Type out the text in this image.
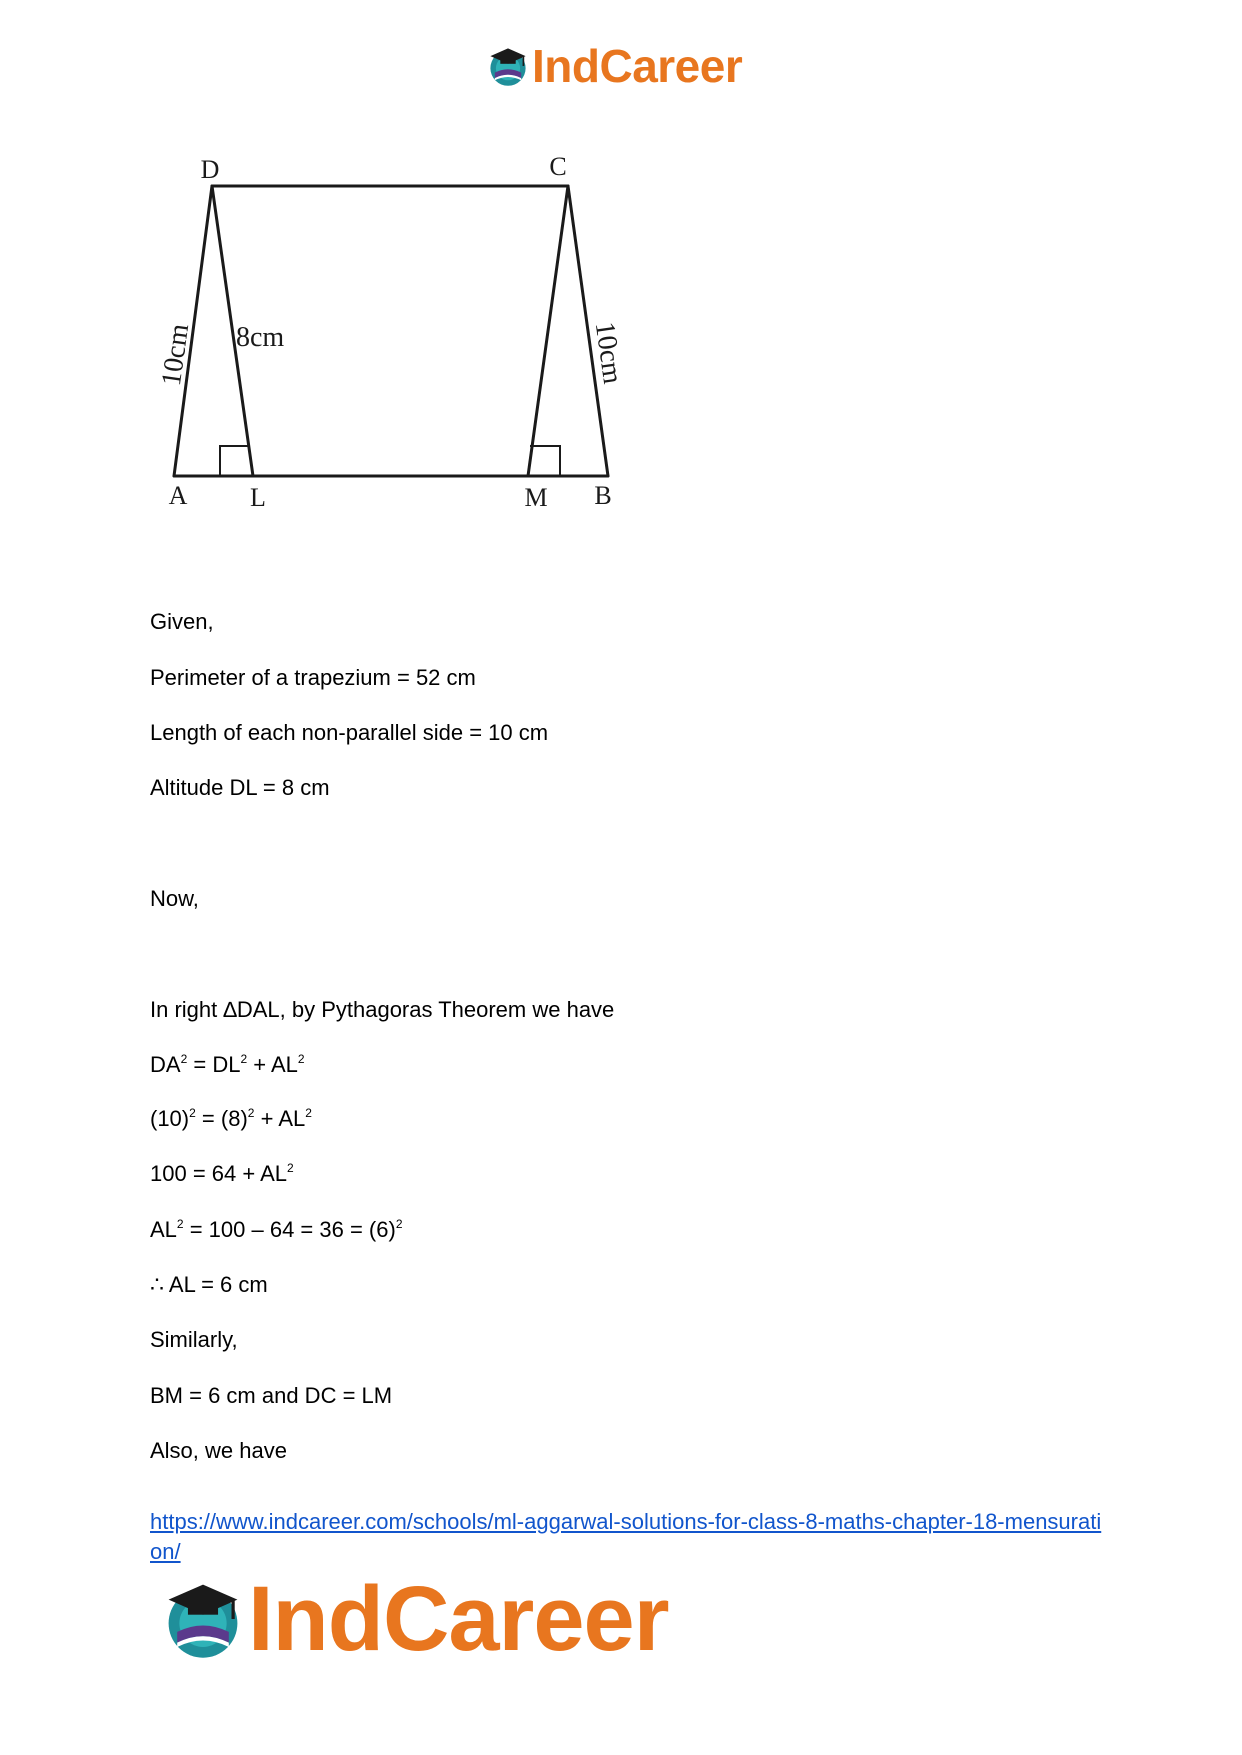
IndCareer
D	C
A L	M B
8cm
10cm	10cm
Given,
Perimeter of a trapezium = 52 cm
Length of each non-parallel side = 10 cm
Altitude DL = 8 cm
Now,
In right ∆DAL, by Pythagoras Theorem we have
$DA^2 = DL^2 + AL^2$
$(10)^2 = (8)^2 + AL^2$
$100 = 64 + AL^2$
$AL^2 = 100 - 64 = 36 = (6)^2$
∴ AL = 6 cm
Similarly,
BM = 6 cm and DC = LM
Also, we have
https://www.indcareer.com/schools/ml-aggarwal-solutions-for-class-8-maths-chapter-18-mensuration/
IndCareer
